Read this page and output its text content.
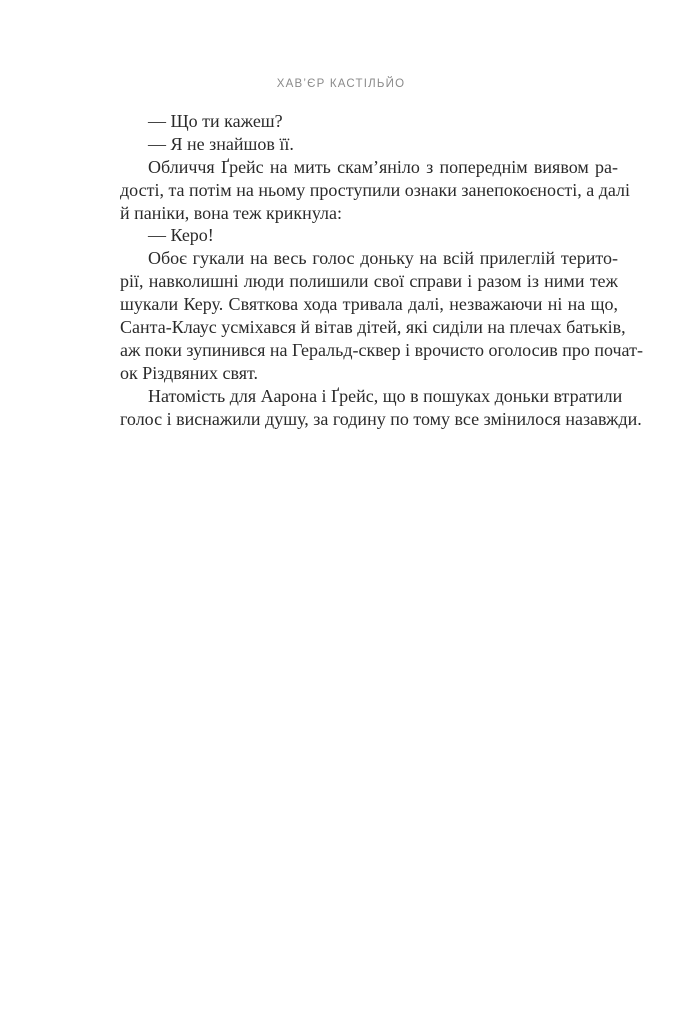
ХАВ’ЄР КАСТІЛЬЙО
— Що ти кажеш?
— Я не знайшов її.
Обличчя Ґрейс на мить скам’яніло з попереднім виявом ра-
дості, та потім на ньому проступили ознаки занепокоєності, а далі
й паніки, вона теж крикнула:
— Керо!
Обоє гукали на весь голос доньку на всій прилеглій терито-
рії, навколишні люди полишили свої справи і разом із ними теж
шукали Керу. Святкова хода тривала далі, незважаючи ні на що,
Санта-Клаус усміхався й вітав дітей, які сиділи на плечах батьків,
аж поки зупинився на Геральд-сквер і врочисто оголосив про почат-
ок Різдвяних свят.
Натомість для Аарона і Ґрейс, що в пошуках доньки втратили
голос і виснажили душу, за годину по тому все змінилося назавжди.
